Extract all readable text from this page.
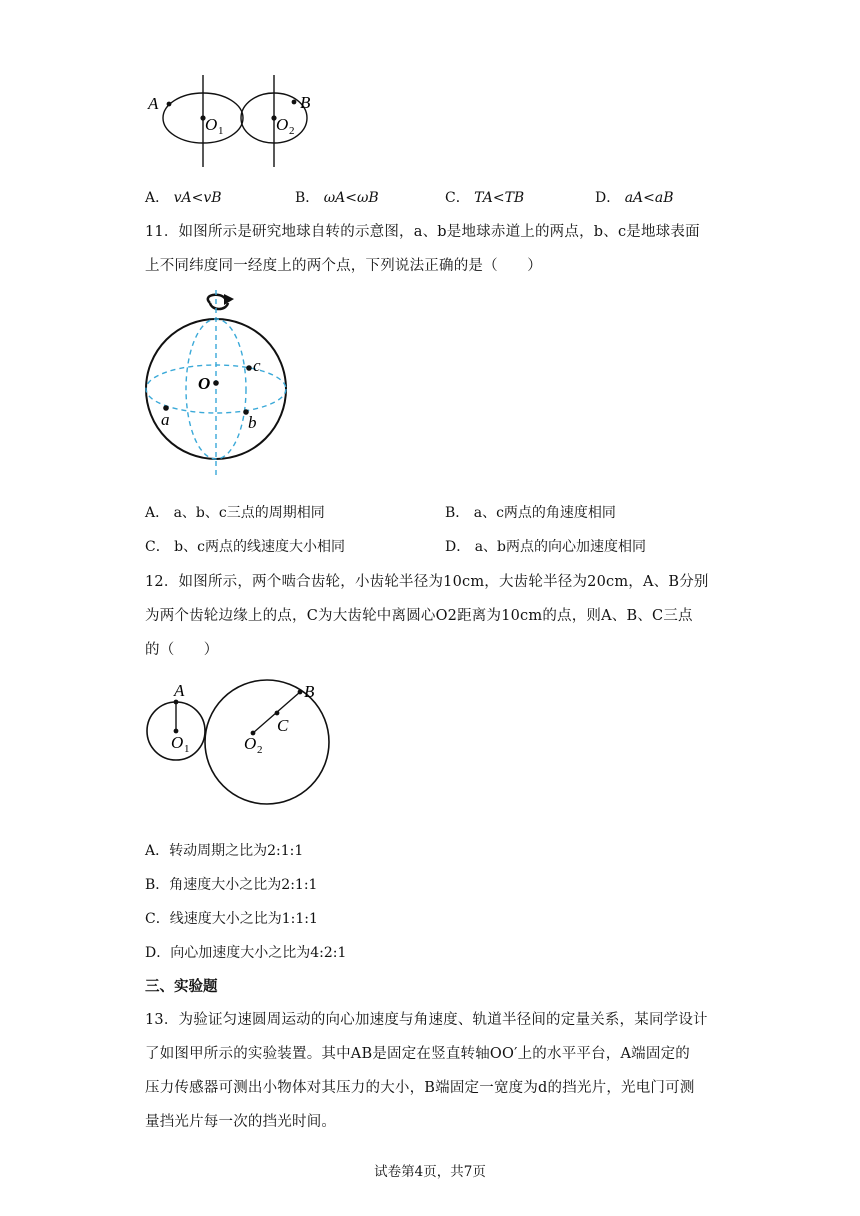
A	B
O 1	O 2
A． vA<vB	B． ωA<ωB	C． TA<TB	D． aA<aB
11．如图所示是研究地球自转的示意图，a、b是地球赤道上的两点，b、c是地球表面
上不同纬度同一经度上的两个点，下列说法正确的是（　　）
O
a	b
c
A． a、b、c三点的周期相同	B． a、c两点的角速度相同
C． b、c两点的线速度大小相同	D． a、b两点的向心加速度相同
12．如图所示，两个啮合齿轮，小齿轮半径为10cm，大齿轮半径为20cm，A、B分别
为两个齿轮边缘上的点，C为大齿轮中离圆心O2距离为10cm的点，则A、B、C三点
的（　　）
A	B
C
O 1	O 2
A．转动周期之比为2:1:1
B．角速度大小之比为2:1:1
C．线速度大小之比为1:1:1
D．向心加速度大小之比为4:2:1
三、实验题
13．为验证匀速圆周运动的向心加速度与角速度、轨道半径间的定量关系，某同学设计
了如图甲所示的实验装置。其中AB是固定在竖直转轴OO′上的水平平台，A端固定的
压力传感器可测出小物体对其压力的大小，B端固定一宽度为d的挡光片，光电门可测
量挡光片每一次的挡光时间。
试卷第4页，共7页
